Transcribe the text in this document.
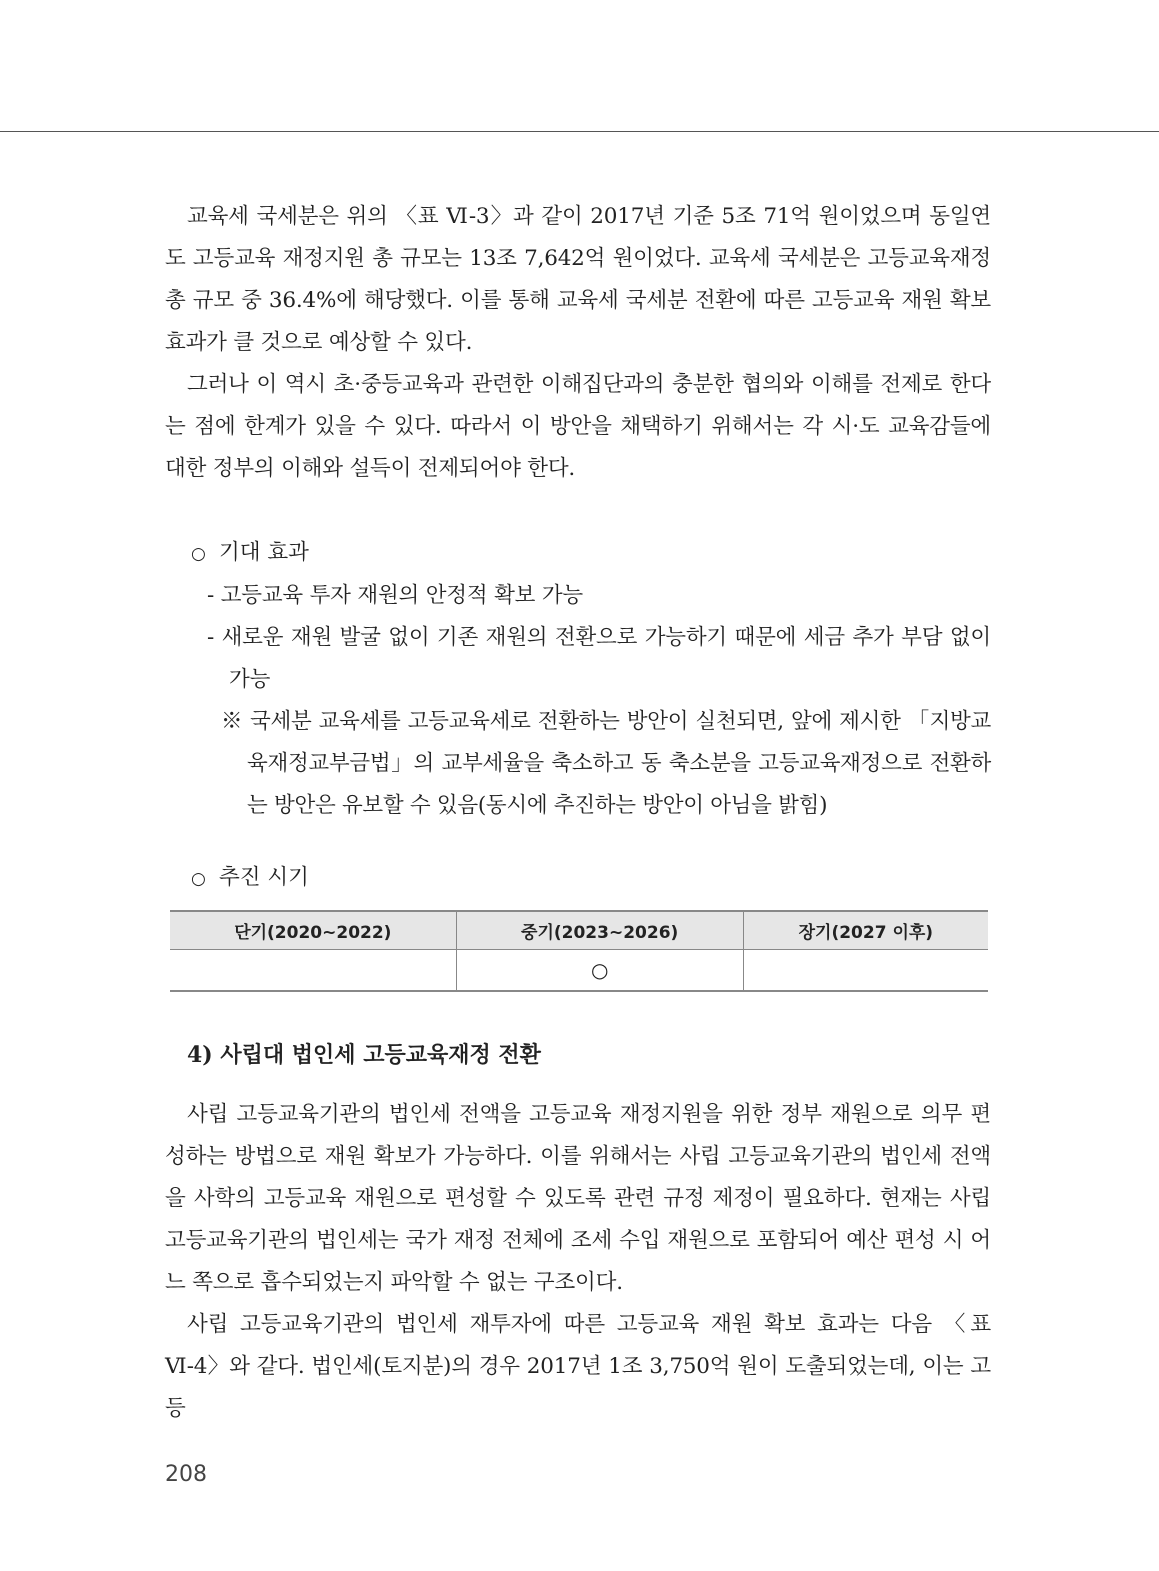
교육세 국세분은 위의 〈표 Ⅵ-3〉과 같이 2017년 기준 5조 71억 원이었으며 동일연도 고등교육 재정지원 총 규모는 13조 7,642억 원이었다. 교육세 국세분은 고등교육재정 총 규모 중 36.4%에 해당했다. 이를 통해 교육세 국세분 전환에 따른 고등교육 재원 확보 효과가 클 것으로 예상할 수 있다.

그러나 이 역시 초·중등교육과 관련한 이해집단과의 충분한 협의와 이해를 전제로 한다는 점에 한계가 있을 수 있다. 따라서 이 방안을 채택하기 위해서는 각 시·도 교육감들에 대한 정부의 이해와 설득이 전제되어야 한다.

○ 기대 효과

- 고등교육 투자 재원의 안정적 확보 가능

- 새로운 재원 발굴 없이 기존 재원의 전환으로 가능하기 때문에 세금 추가 부담 없이 가능

※ 국세분 교육세를 고등교육세로 전환하는 방안이 실천되면, 앞에 제시한 「지방교육재정교부금법」의 교부세율을 축소하고 동 축소분을 고등교육재정으로 전환하는 방안은 유보할 수 있음(동시에 추진하는 방안이 아님을 밝힘)

○ 추진 시기

단기(2020~2022)	중기(2023~2026)	장기(2027 이후)
	○	

4) 사립대 법인세 고등교육재정 전환

사립 고등교육기관의 법인세 전액을 고등교육 재정지원을 위한 정부 재원으로 의무 편성하는 방법으로 재원 확보가 가능하다. 이를 위해서는 사립 고등교육기관의 법인세 전액을 사학의 고등교육 재원으로 편성할 수 있도록 관련 규정 제정이 필요하다. 현재는 사립 고등교육기관의 법인세는 국가 재정 전체에 조세 수입 재원으로 포함되어 예산 편성 시 어느 쪽으로 흡수되었는지 파악할 수 없는 구조이다.

사립 고등교육기관의 법인세 재투자에 따른 고등교육 재원 확보 효과는 다음 〈표 Ⅵ-4〉와 같다. 법인세(토지분)의 경우 2017년 1조 3,750억 원이 도출되었는데, 이는 고등

208
